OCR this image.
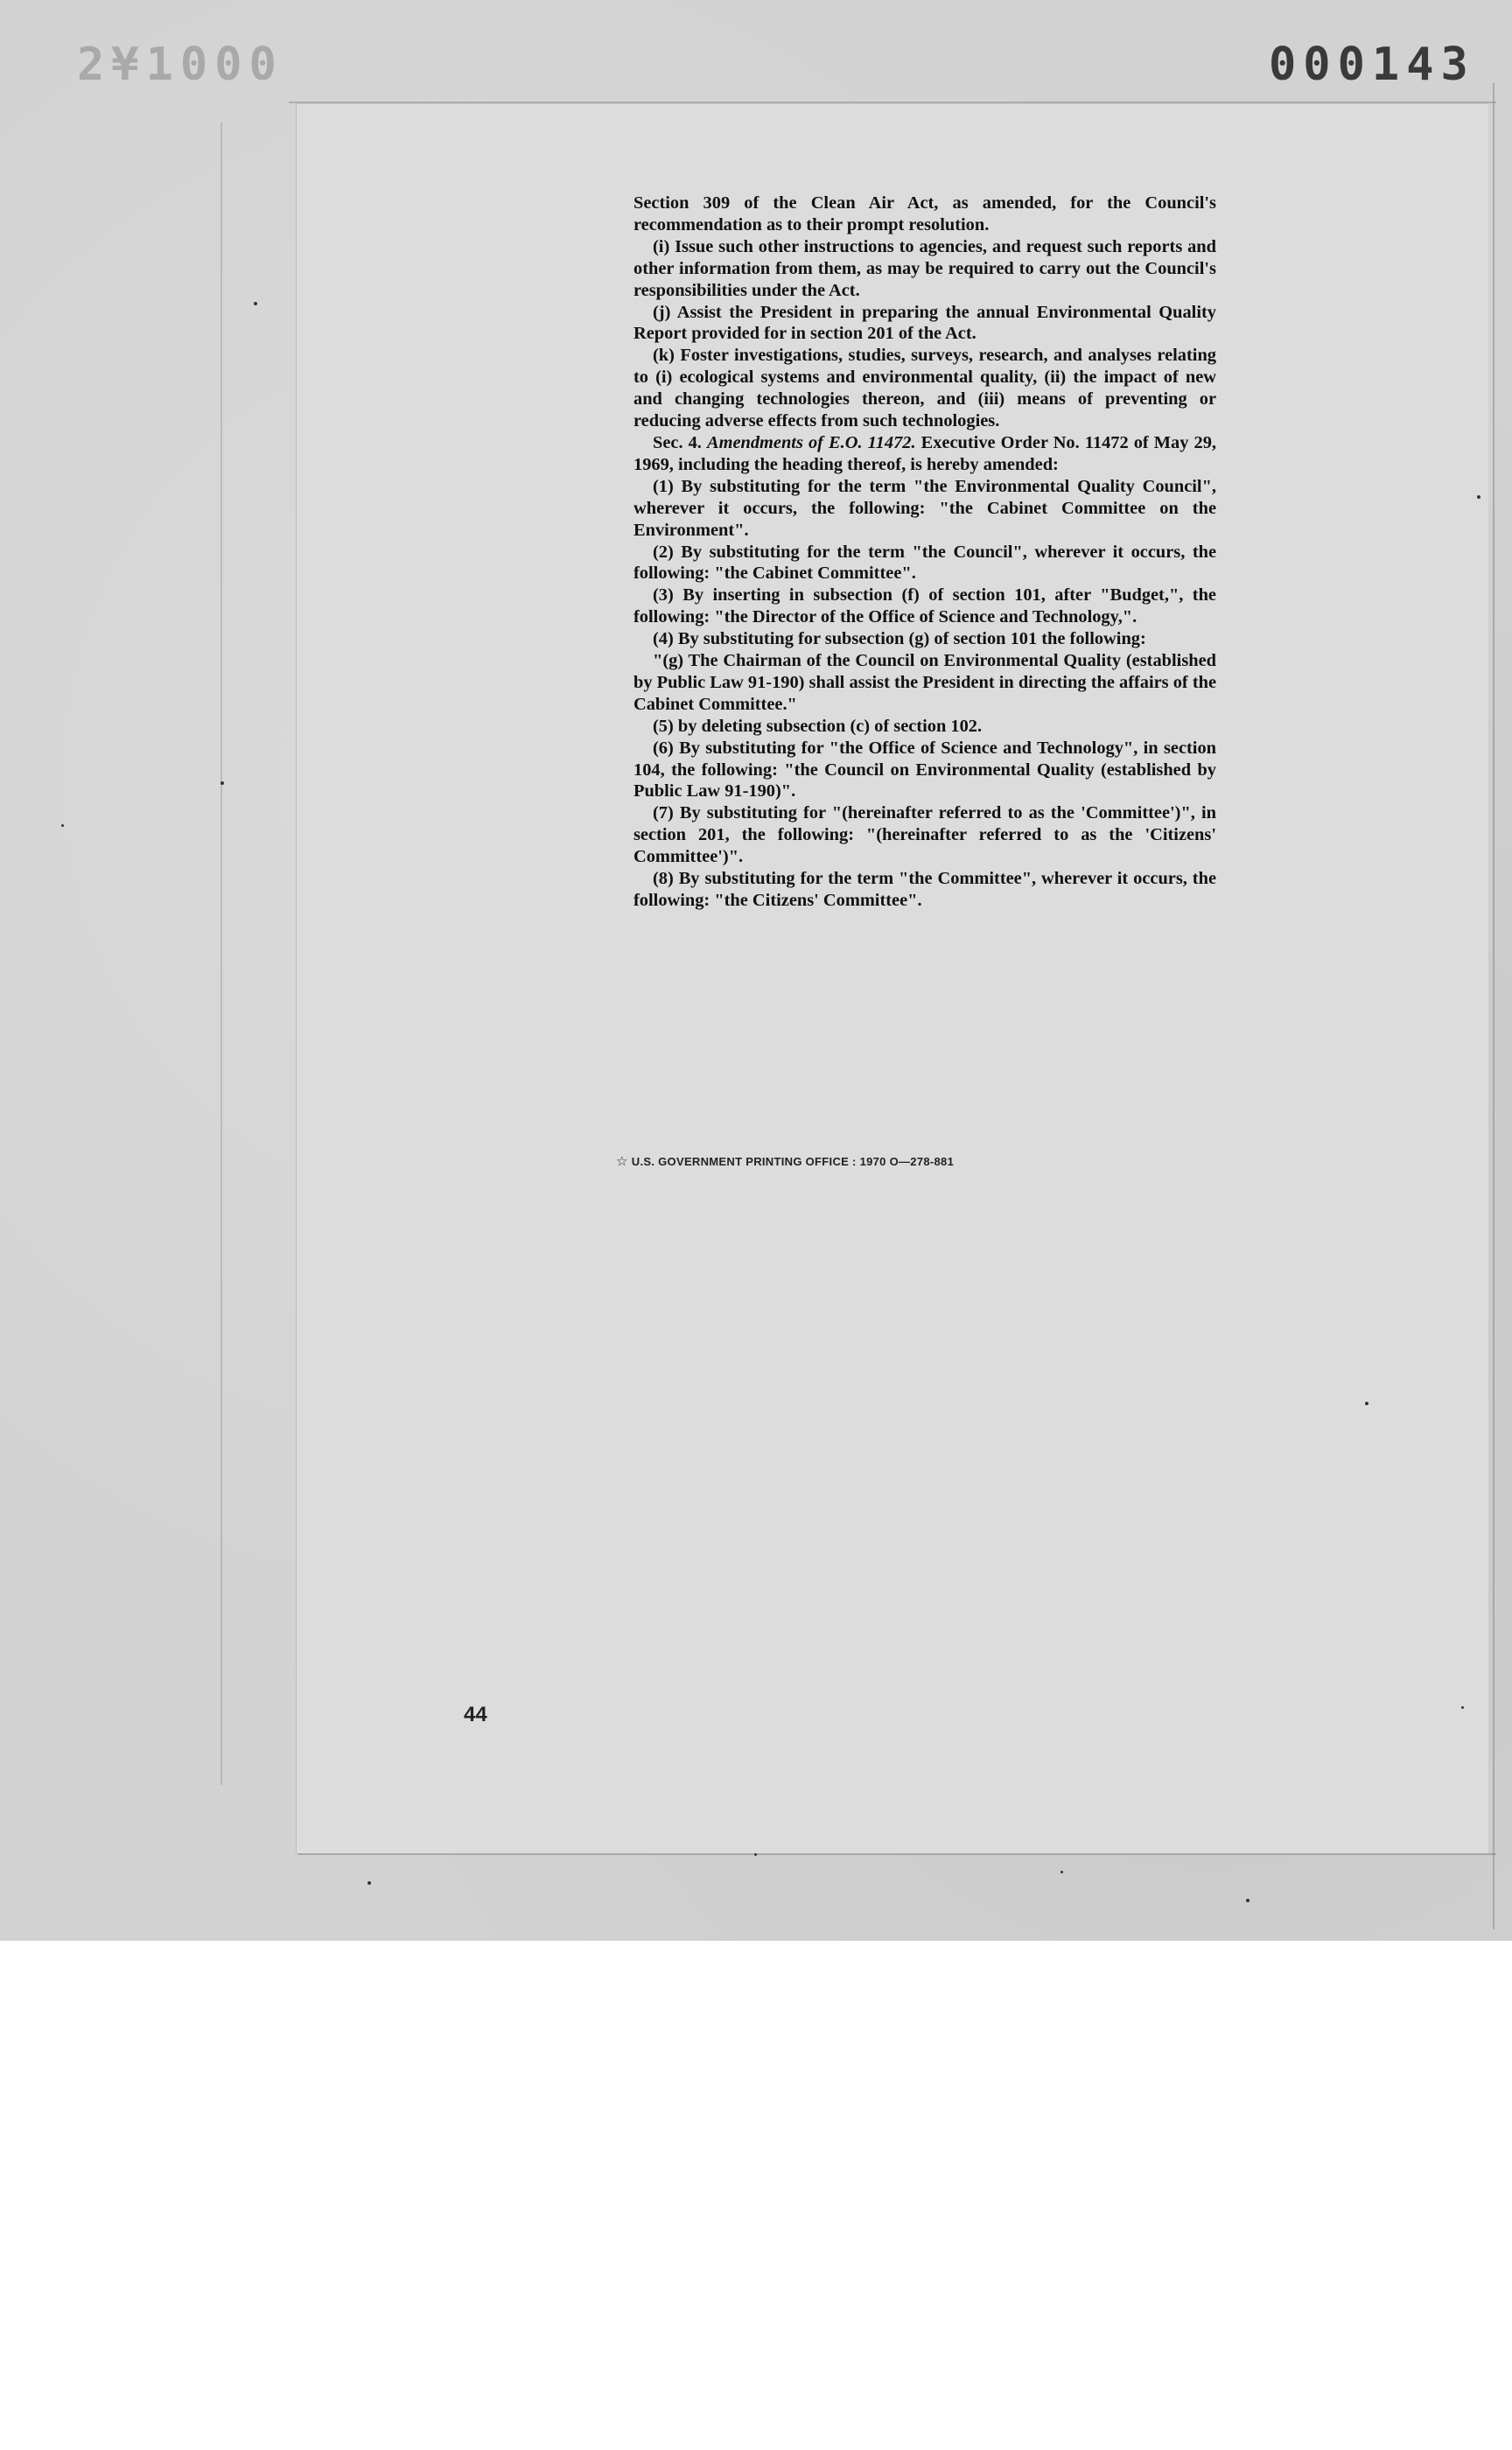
2¥1000	000143

Section 309 of the Clean Air Act, as amended, for the Council's recommendation as to their prompt resolution.

(i) Issue such other instructions to agencies, and request such reports and other information from them, as may be required to carry out the Council's responsibilities under the Act.

(j) Assist the President in preparing the annual Environmental Quality Report provided for in section 201 of the Act.

(k) Foster investigations, studies, surveys, research, and analyses relating to (i) ecological systems and environmental quality, (ii) the impact of new and changing technologies thereon, and (iii) means of preventing or reducing adverse effects from such technologies.

Sec. 4. Amendments of E.O. 11472. Executive Order No. 11472 of May 29, 1969, including the heading thereof, is hereby amended:

(1) By substituting for the term "the Environmental Quality Council", wherever it occurs, the following: "the Cabinet Committee on the Environment".

(2) By substituting for the term "the Council", wherever it occurs, the following: "the Cabinet Committee".

(3) By inserting in subsection (f) of section 101, after "Budget,", the following: "the Director of the Office of Science and Technology,".

(4) By substituting for subsection (g) of section 101 the following:

"(g) The Chairman of the Council on Environmental Quality (established by Public Law 91-190) shall assist the President in directing the affairs of the Cabinet Committee."

(5) by deleting subsection (c) of section 102.

(6) By substituting for "the Office of Science and Technology", in section 104, the following: "the Council on Environmental Quality (established by Public Law 91-190)".

(7) By substituting for "(hereinafter referred to as the 'Committee')", in section 201, the following: "(hereinafter referred to as the 'Citizens' Committee')".

(8) By substituting for the term "the Committee", wherever it occurs, the following: "the Citizens' Committee".

☆ U.S. GOVERNMENT PRINTING OFFICE : 1970 O—278-881
44
